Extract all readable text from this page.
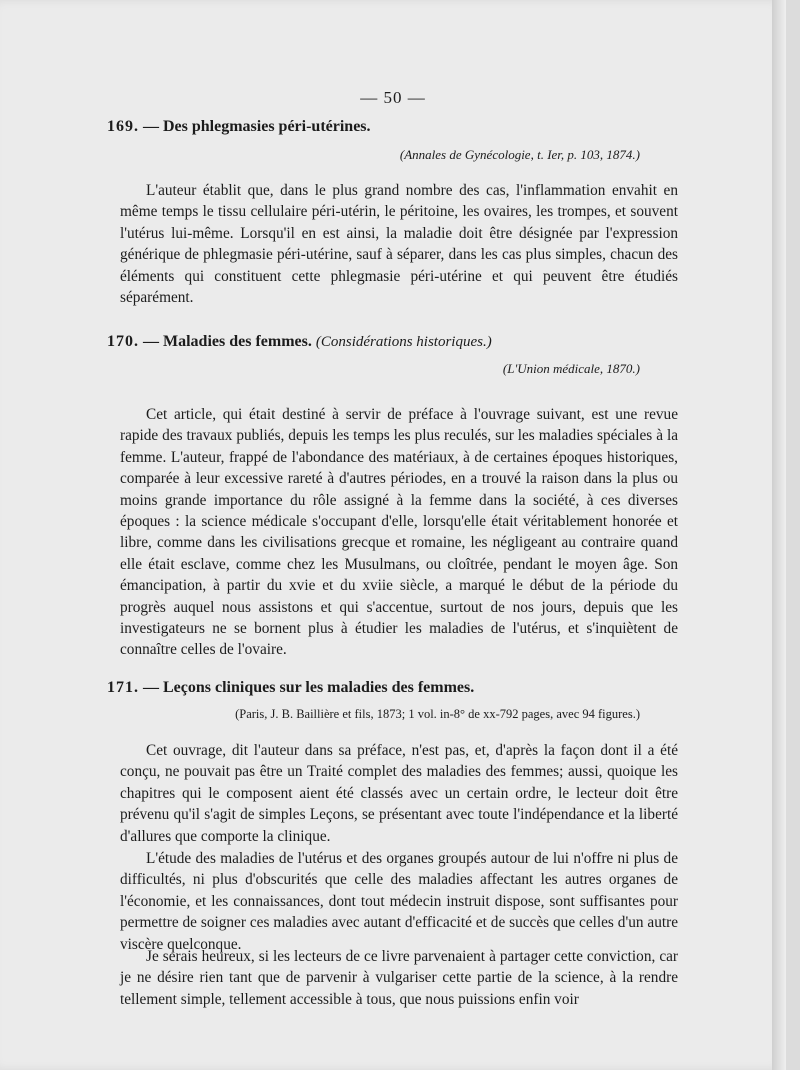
— 50 —
169. — Des phlegmasies péri-utérines.
(Annales de Gynécologie, t. Ier, p. 103, 1874.)

L'auteur établit que, dans le plus grand nombre des cas, l'inflammation envahit en même temps le tissu cellulaire péri-utérin, le péritoine, les ovaires, les trompes, et souvent l'utérus lui-même. Lorsqu'il en est ainsi, la maladie doit être désignée par l'expression générique de phlegmasie péri-utérine, sauf à séparer, dans les cas plus simples, chacun des éléments qui constituent cette phlegmasie péri-utérine et qui peuvent être étudiés séparément.

170. — Maladies des femmes. (Considérations historiques.)
(L'Union médicale, 1870.)

Cet article, qui était destiné à servir de préface à l'ouvrage suivant, est une revue rapide des travaux publiés, depuis les temps les plus reculés, sur les maladies spéciales à la femme. L'auteur, frappé de l'abondance des matériaux, à de certaines époques historiques, comparée à leur excessive rareté à d'autres périodes, en a trouvé la raison dans la plus ou moins grande importance du rôle assigné à la femme dans la société, à ces diverses époques : la science médicale s'occupant d'elle, lorsqu'elle était véritablement honorée et libre, comme dans les civilisations grecque et romaine, les négligeant au contraire quand elle était esclave, comme chez les Musulmans, ou cloîtrée, pendant le moyen âge. Son émancipation, à partir du xvie et du xviie siècle, a marqué le début de la période du progrès auquel nous assistons et qui s'accentue, surtout de nos jours, depuis que les investigateurs ne se bornent plus à étudier les maladies de l'utérus, et s'inquiètent de connaître celles de l'ovaire.

171. — Leçons cliniques sur les maladies des femmes.
(Paris, J. B. Baillière et fils, 1873; 1 vol. in-8° de xx-792 pages, avec 94 figures.)

Cet ouvrage, dit l'auteur dans sa préface, n'est pas, et, d'après la façon dont il a été conçu, ne pouvait pas être un Traité complet des maladies des femmes; aussi, quoique les chapitres qui le composent aient été classés avec un certain ordre, le lecteur doit être prévenu qu'il s'agit de simples Leçons, se présentant avec toute l'indépendance et la liberté d'allures que comporte la clinique.

L'étude des maladies de l'utérus et des organes groupés autour de lui n'offre ni plus de difficultés, ni plus d'obscurités que celle des maladies affectant les autres organes de l'économie, et les connaissances, dont tout médecin instruit dispose, sont suffisantes pour permettre de soigner ces maladies avec autant d'efficacité et de succès que celles d'un autre viscère quelconque.

Je serais heureux, si les lecteurs de ce livre parvenaient à partager cette conviction, car je ne désire rien tant que de parvenir à vulgariser cette partie de la science, à la rendre tellement simple, tellement accessible à tous, que nous puissions enfin voir
